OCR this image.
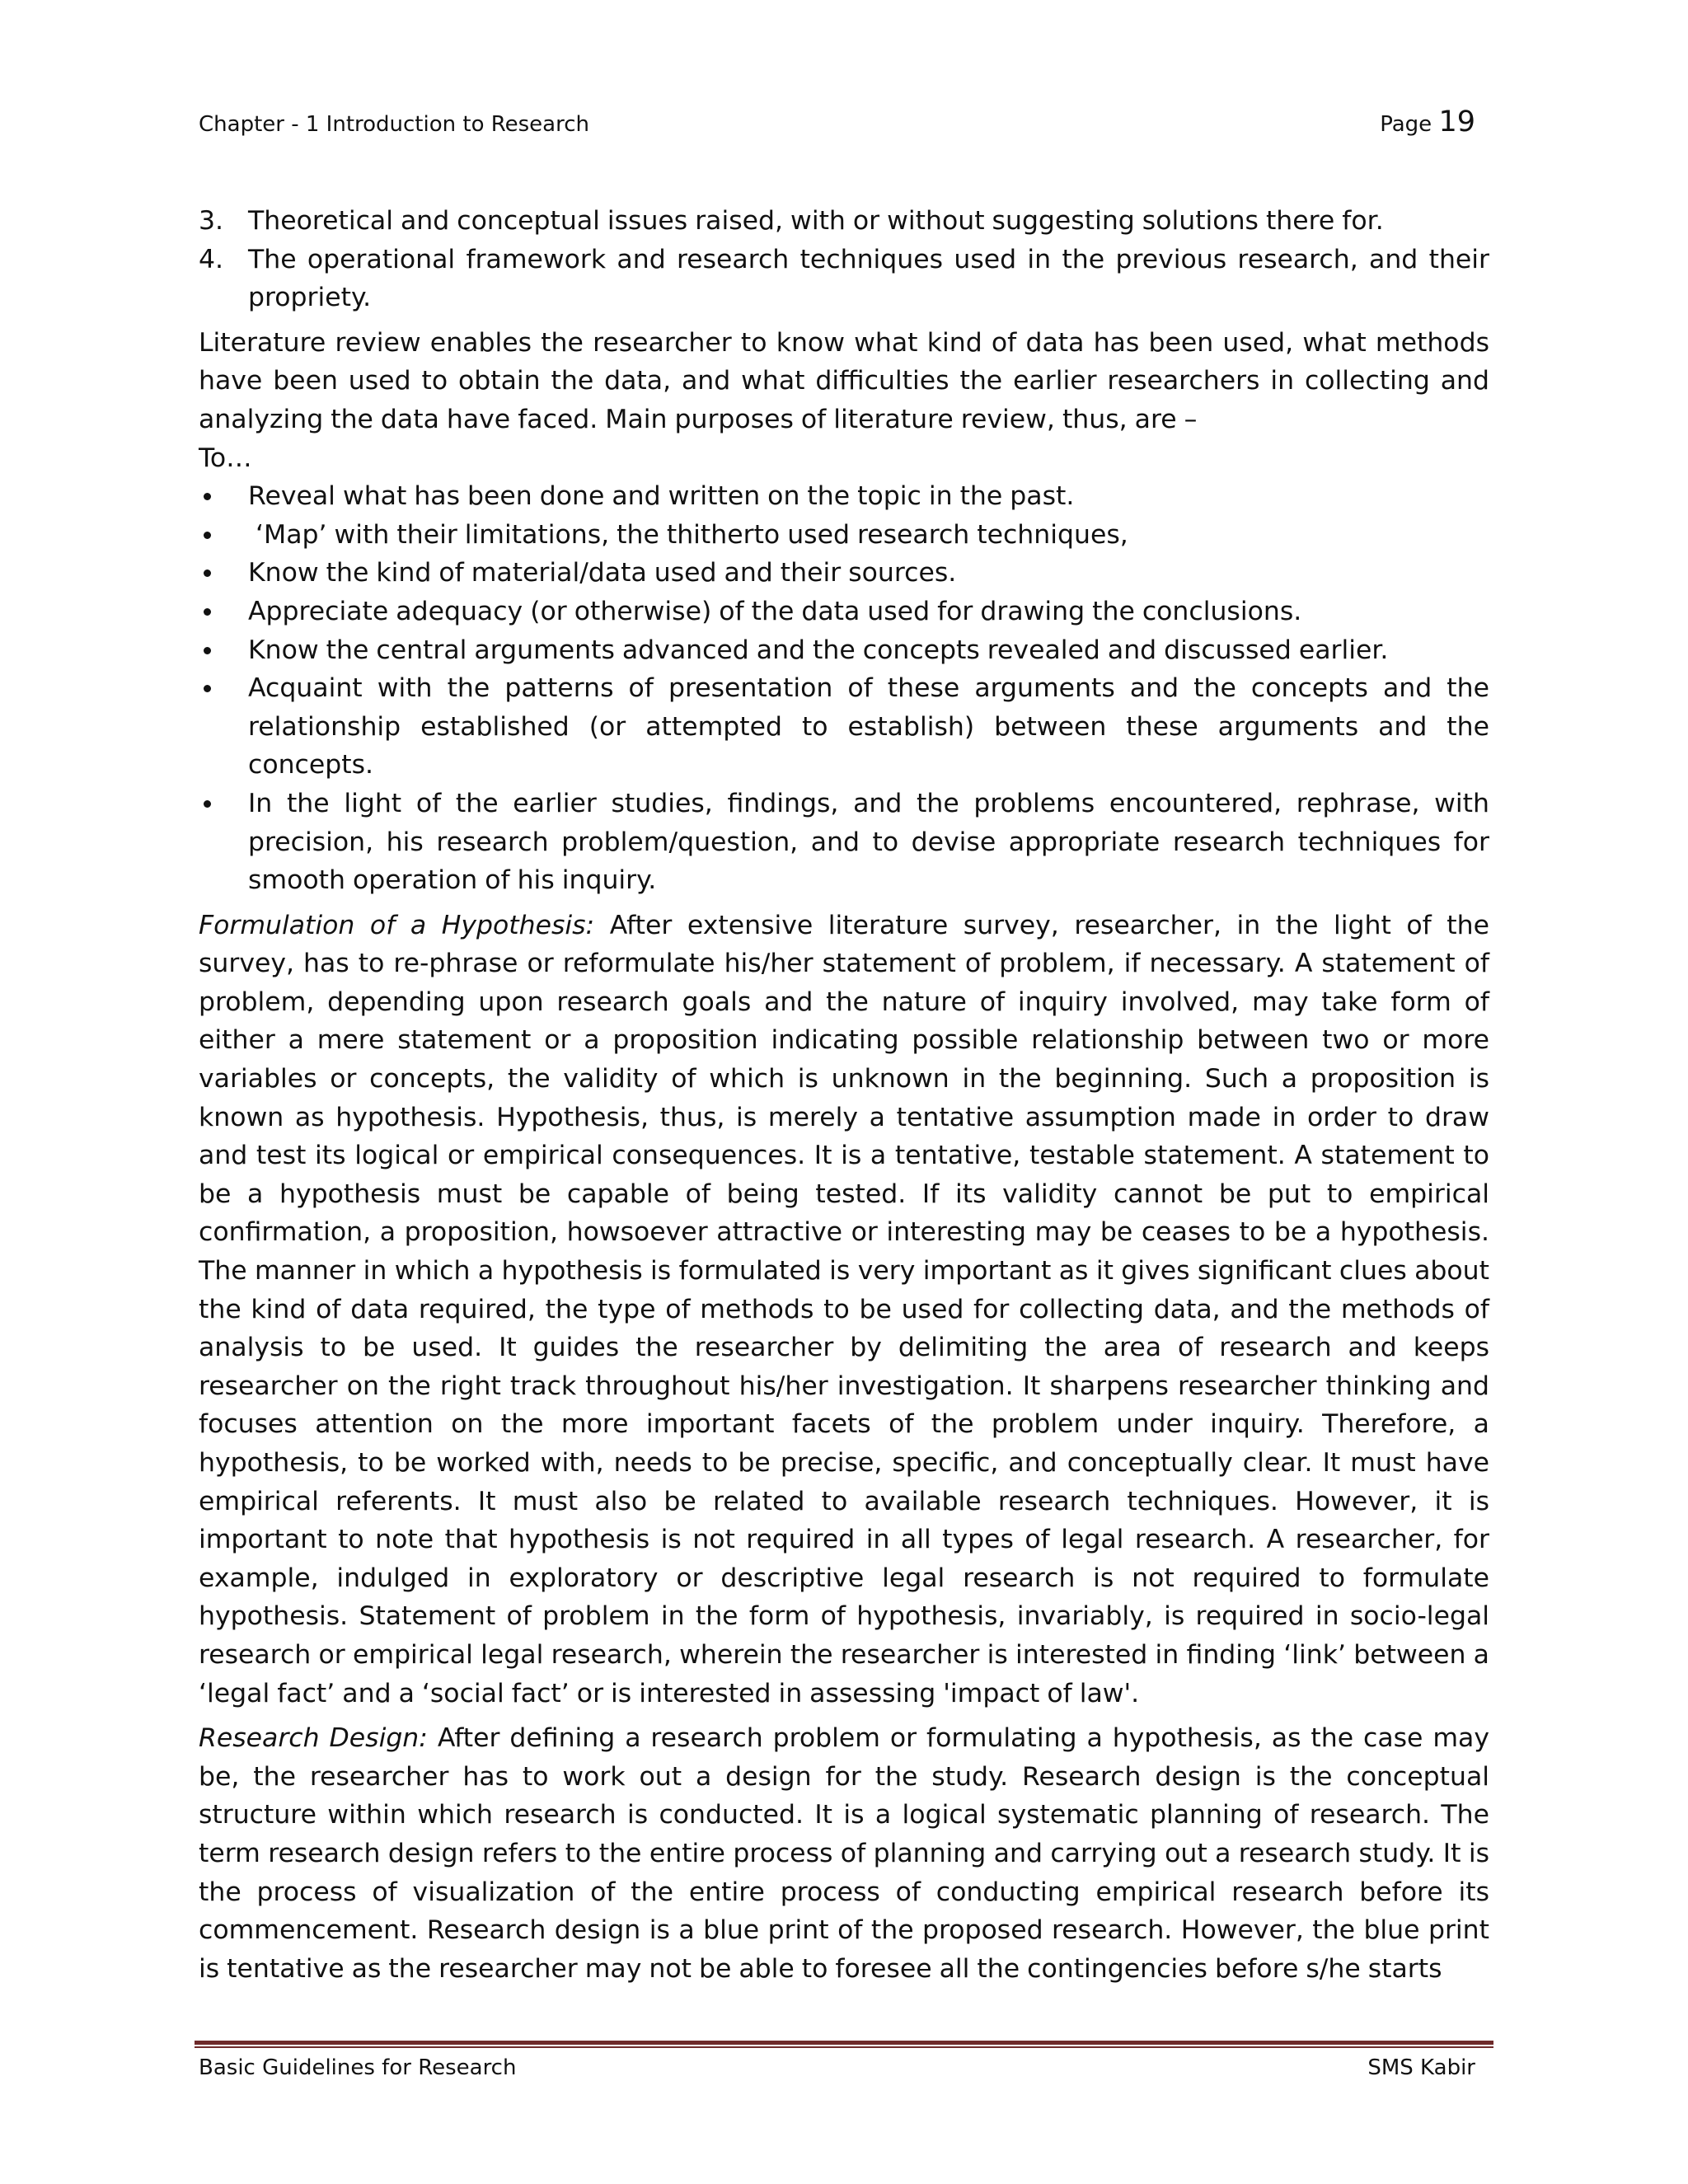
Chapter - 1 Introduction to Research	Page 19
3. Theoretical and conceptual issues raised, with or without suggesting solutions there for.
4. The operational framework and research techniques used in the previous research, and their propriety.

Literature review enables the researcher to know what kind of data has been used, what methods have been used to obtain the data, and what difficulties the earlier researchers in collecting and analyzing the data have faced. Main purposes of literature review, thus, are –

To…

Reveal what has been done and written on the topic in the past.
‘Map’ with their limitations, the thitherto used research techniques,
Know the kind of material/data used and their sources.
Appreciate adequacy (or otherwise) of the data used for drawing the conclusions.
Know the central arguments advanced and the concepts revealed and discussed earlier.
Acquaint with the patterns of presentation of these arguments and the concepts and the relationship established (or attempted to establish) between these arguments and the concepts.
In the light of the earlier studies, findings, and the problems encountered, rephrase, with precision, his research problem/question, and to devise appropriate research techniques for smooth operation of his inquiry.

Formulation of a Hypothesis: After extensive literature survey, researcher, in the light of the survey, has to re-phrase or reformulate his/her statement of problem, if necessary. A statement of problem, depending upon research goals and the nature of inquiry involved, may take form of either a mere statement or a proposition indicating possible relationship between two or more variables or concepts, the validity of which is unknown in the beginning. Such a proposition is known as hypothesis. Hypothesis, thus, is merely a tentative assumption made in order to draw and test its logical or empirical consequences. It is a tentative, testable statement. A statement to be a hypothesis must be capable of being tested. If its validity cannot be put to empirical confirmation, a proposition, howsoever attractive or interesting may be ceases to be a hypothesis. The manner in which a hypothesis is formulated is very important as it gives significant clues about the kind of data required, the type of methods to be used for collecting data, and the methods of analysis to be used. It guides the researcher by delimiting the area of research and keeps researcher on the right track throughout his/her investigation. It sharpens researcher thinking and focuses attention on the more important facets of the problem under inquiry. Therefore, a hypothesis, to be worked with, needs to be precise, specific, and conceptually clear. It must have empirical referents. It must also be related to available research techniques. However, it is important to note that hypothesis is not required in all types of legal research. A researcher, for example, indulged in exploratory or descriptive legal research is not required to formulate hypothesis. Statement of problem in the form of hypothesis, invariably, is required in socio-legal research or empirical legal research, wherein the researcher is interested in finding ‘link’ between a ‘legal fact’ and a ‘social fact’ or is interested in assessing 'impact of law'.

Research Design: After defining a research problem or formulating a hypothesis, as the case may be, the researcher has to work out a design for the study. Research design is the conceptual structure within which research is conducted. It is a logical systematic planning of research. The term research design refers to the entire process of planning and carrying out a research study. It is the process of visualization of the entire process of conducting empirical research before its commencement. Research design is a blue print of the proposed research. However, the blue print is tentative as the researcher may not be able to foresee all the contingencies before s/he starts

Basic Guidelines for Research	SMS Kabir
